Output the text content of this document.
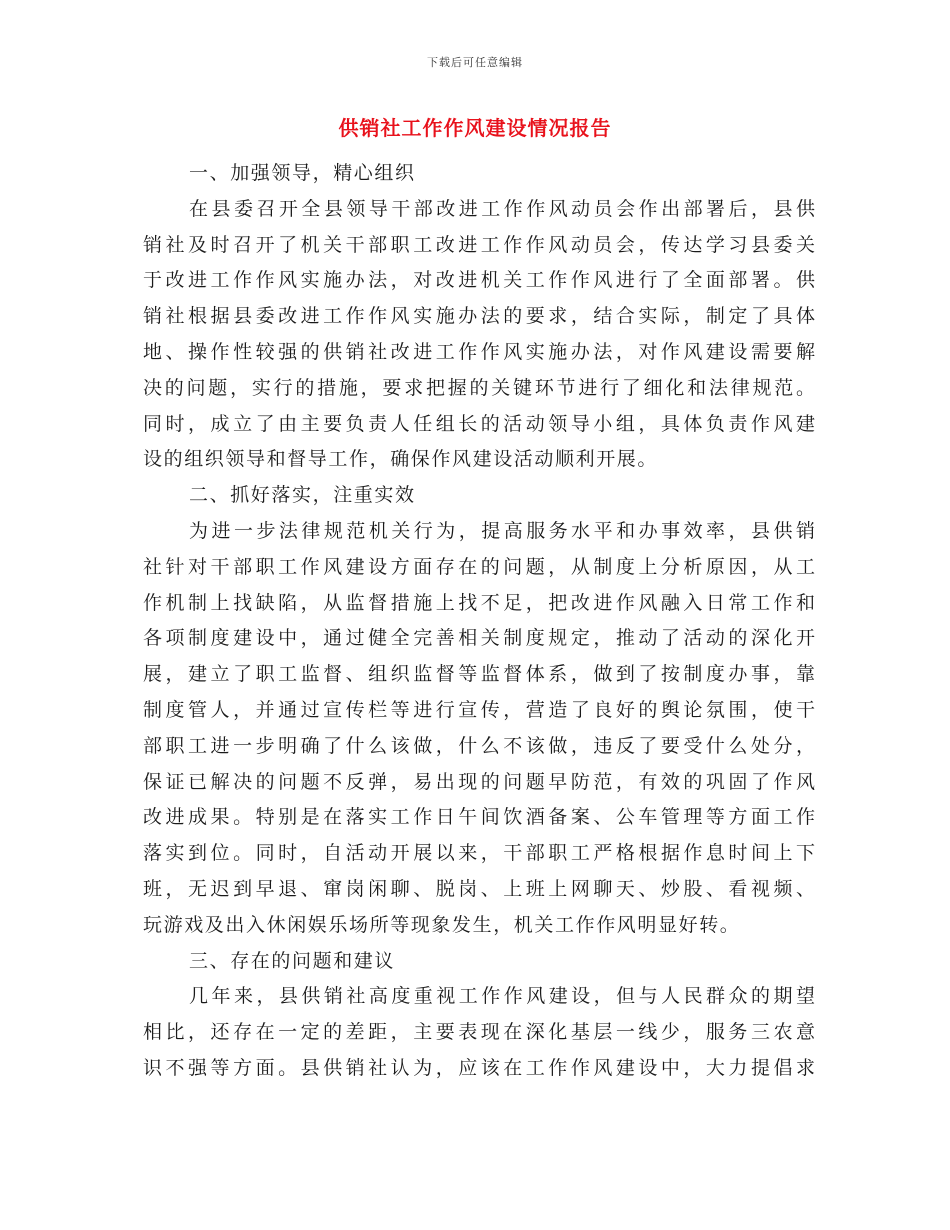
下载后可任意编辑
供销社工作作风建设情况报告
一、加强领导，精心组织
在县委召开全县领导干部改进工作作风动员会作出部署后，县供
销社及时召开了机关干部职工改进工作作风动员会，传达学习县委关
于改进工作作风实施办法，对改进机关工作作风进行了全面部署。供
销社根据县委改进工作作风实施办法的要求，结合实际，制定了具体
地、操作性较强的供销社改进工作作风实施办法，对作风建设需要解
决的问题，实行的措施，要求把握的关键环节进行了细化和法律规范。
同时，成立了由主要负责人任组长的活动领导小组，具体负责作风建
设的组织领导和督导工作，确保作风建设活动顺利开展。
二、抓好落实，注重实效
为进一步法律规范机关行为，提高服务水平和办事效率，县供销
社针对干部职工作风建设方面存在的问题，从制度上分析原因，从工
作机制上找缺陷，从监督措施上找不足，把改进作风融入日常工作和
各项制度建设中，通过健全完善相关制度规定，推动了活动的深化开
展，建立了职工监督、组织监督等监督体系，做到了按制度办事，靠
制度管人，并通过宣传栏等进行宣传，营造了良好的舆论氛围，使干
部职工进一步明确了什么该做，什么不该做，违反了要受什么处分，
保证已解决的问题不反弹，易出现的问题早防范，有效的巩固了作风
改进成果。特别是在落实工作日午间饮酒备案、公车管理等方面工作
落实到位。同时，自活动开展以来，干部职工严格根据作息时间上下
班，无迟到早退、窜岗闲聊、脱岗、上班上网聊天、炒股、看视频、
玩游戏及出入休闲娱乐场所等现象发生，机关工作作风明显好转。
三、存在的问题和建议
几年来，县供销社高度重视工作作风建设，但与人民群众的期望
相比，还存在一定的差距，主要表现在深化基层一线少，服务三农意
识不强等方面。县供销社认为，应该在工作作风建设中，大力提倡求
